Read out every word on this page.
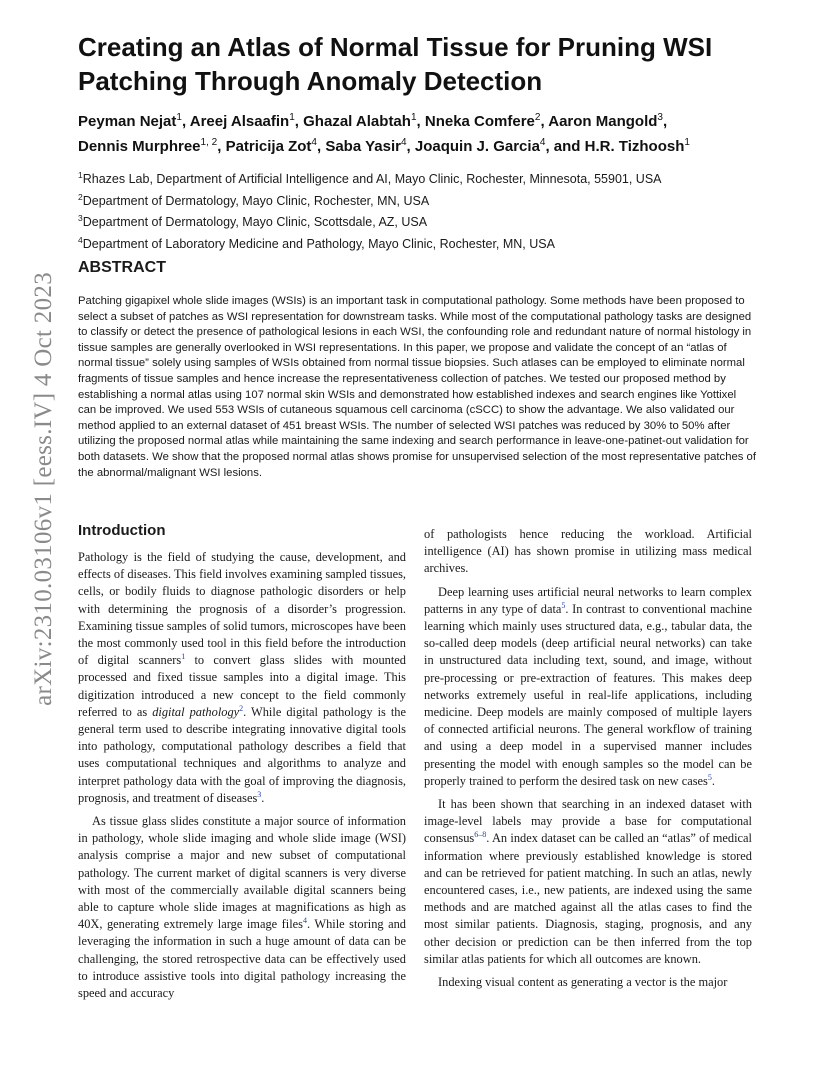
arXiv:2310.03106v1 [eess.IV] 4 Oct 2023
Creating an Atlas of Normal Tissue for Pruning WSI Patching Through Anomaly Detection
Peyman Nejat$^1$, Areej Alsaafin$^1$, Ghazal Alabtah$^1$, Nneka Comfere$^2$, Aaron Mangold$^3$,
Dennis Murphree$^{1, 2}$, Patricija Zot$^4$, Saba Yasir$^4$, Joaquin J. Garcia$^4$, and H.R. Tizhoosh$^1$
$^1$Rhazes Lab, Department of Artificial Intelligence and AI, Mayo Clinic, Rochester, Minnesota, 55901, USA
$^2$Department of Dermatology, Mayo Clinic, Rochester, MN, USA
$^3$Department of Dermatology, Mayo Clinic, Scottsdale, AZ, USA
$^4$Department of Laboratory Medicine and Pathology, Mayo Clinic, Rochester, MN, USA
ABSTRACT

Patching gigapixel whole slide images (WSIs) is an important task in computational pathology. Some methods have been proposed to select a subset of patches as WSI representation for downstream tasks. While most of the computational pathology tasks are designed to classify or detect the presence of pathological lesions in each WSI, the confounding role and redundant nature of normal histology in tissue samples are generally overlooked in WSI representations. In this paper, we propose and validate the concept of an “atlas of normal tissue” solely using samples of WSIs obtained from normal tissue biopsies. Such atlases can be employed to eliminate normal fragments of tissue samples and hence increase the representativeness collection of patches. We tested our proposed method by establishing a normal atlas using 107 normal skin WSIs and demonstrated how established indexes and search engines like Yottixel can be improved. We used 553 WSIs of cutaneous squamous cell carcinoma (cSCC) to show the advantage. We also validated our method applied to an external dataset of 451 breast WSIs. The number of selected WSI patches was reduced by 30% to 50% after utilizing the proposed normal atlas while maintaining the same indexing and search performance in leave-one-patinet-out validation for both datasets. We show that the proposed normal atlas shows promise for unsupervised selection of the most representative patches of the abnormal/malignant WSI lesions.

Introduction

Pathology is the field of studying the cause, development, and effects of diseases. This field involves examining sampled tissues, cells, or bodily fluids to diagnose pathologic disorders or help with determining the prognosis of a disorder’s progression. Examining tissue samples of solid tumors, microscopes have been the most commonly used tool in this field before the introduction of digital scanners$^1$ to convert glass slides with mounted processed and fixed tissue samples into a digital image. This digitization introduced a new concept to the field commonly referred to as digital pathology$^2$. While digital pathology is the general term used to describe integrating innovative digital tools into pathology, computational pathology describes a field that uses computational techniques and algorithms to analyze and interpret pathology data with the goal of improving the diagnosis, prognosis, and treatment of diseases$^3$.

As tissue glass slides constitute a major source of information in pathology, whole slide imaging and whole slide image (WSI) analysis comprise a major and new subset of computational pathology. The current market of digital scanners is very diverse with most of the commercially available digital scanners being able to capture whole slide images at magnifications as high as 40X, generating extremely large image files$^4$. While storing and leveraging the information in such a huge amount of data can be challenging, the stored retrospective data can be effectively used to introduce assistive tools into digital pathology increasing the speed and accuracy

of pathologists hence reducing the workload. Artificial intelligence (AI) has shown promise in utilizing mass medical archives.

Deep learning uses artificial neural networks to learn complex patterns in any type of data$^5$. In contrast to conventional machine learning which mainly uses structured data, e.g., tabular data, the so-called deep models (deep artificial neural networks) can take in unstructured data including text, sound, and image, without pre-processing or pre-extraction of features. This makes deep networks extremely useful in real-life applications, including medicine. Deep models are mainly composed of multiple layers of connected artificial neurons. The general workflow of training and using a deep model in a supervised manner includes presenting the model with enough samples so the model can be properly trained to perform the desired task on new cases$^5$.

It has been shown that searching in an indexed dataset with image-level labels may provide a base for computational consensus$^{6-8}$. An index dataset can be called an “atlas” of medical information where previously established knowledge is stored and can be retrieved for patient matching. In such an atlas, newly encountered cases, i.e., new patients, are indexed using the same methods and are matched against all the atlas cases to find the most similar patients. Diagnosis, staging, prognosis, and any other decision or prediction can be then inferred from the top similar atlas patients for which all outcomes are known.

Indexing visual content as generating a vector is the major
